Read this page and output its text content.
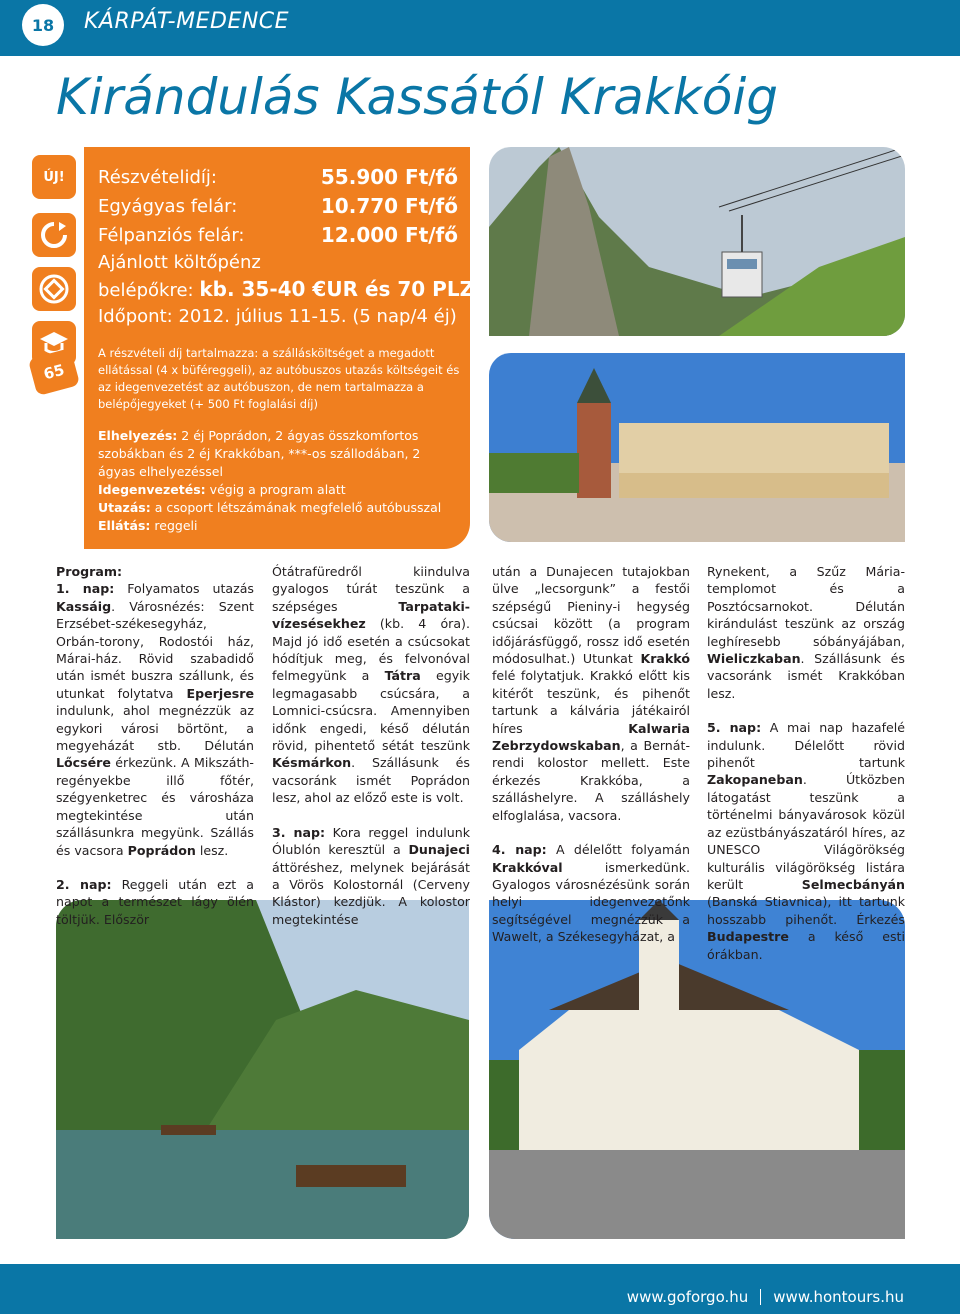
18	KÁRPÁT-MEDENCE
Kirándulás Kassától Krakkóig
ÚJ!
65
Részvételidíj:	55.900 Ft/fő
Egyágyas felár:	10.770 Ft/fő
Félpanziós felár:	12.000 Ft/fő
Ajánlott költőpénz
belépőkre: kb. 35-40 €UR és 70 PLZ
Időpont: 2012. július 11-15. (5 nap/4 éj)
A részvételi díj tartalmazza: a szállásköltséget a megadott ellátással (4 x büféreggeli), az autóbuszos utazás költségeit és az idegenvezetést az autóbuszon, de nem tartalmazza a belépőjegyeket (+ 500 Ft foglalási díj)
Elhelyezés: 2 éj Poprádon, 2 ágyas összkomfortos szobákban és 2 éj Krakkóban, ***-os szállodában, 2 ágyas elhelyezéssel
Idegenvezetés: végig a program alatt
Utazás: a csoport létszámának megfelelő autóbusszal
Ellátás: reggeli
Program:

1. nap: Folyamatos utazás Kassáig. Városnézés: Szent Erzsébet-székesegyház, Orbán-torony, Rodostói ház, Márai-ház. Rövid szabadidő után ismét buszra szállunk, és utunkat folytatva Eperjesre indulunk, ahol megnézzük az egykori városi börtönt, a megyeházát stb. Délután Lőcsére érkezünk. A Mikszáth-regényekbe illő főtér, szégyenketrec és városháza megtekintése után szállásunkra megyünk. Szállás és vacsora Poprádon lesz.

2. nap: Reggeli után ezt a napot a természet lágy ölén töltjük. Először

Ótátrafüredről kiindulva gyalogos túrát teszünk a szépséges	Tarpataki-vízesésekhez (kb. 4 óra). Majd jó idő esetén a csúcsokat hódítjuk meg, és felvonóval felmegyünk a Tátra egyik legmagasabb csúcsára, a Lomnici-csúcsra. Amennyiben időnk engedi, késő délután rövid, pihentető sétát teszünk Késmárkon. Szállásunk és vacsoránk ismét Poprádon lesz, ahol az előző este is volt.

3. nap: Kora reggel indulunk Ólublón keresztül a Dunajeci áttöréshez, melynek bejárását a Vörös Kolostornál (Cerveny Klástor) kezdjük. A kolostor megtekintése

után a Dunajecen tutajokban ülve „lecsorgunk” a festői szépségű Pieniny-i hegység csúcsai között (a program időjárásfüggő, rossz idő esetén módosulhat.) Utunkat Krakkó felé folytatjuk. Krakkó előtt kis kitérőt teszünk, és pihenőt tartunk a kálvária játékairól híres	Kalwaria Zebrzydowskaban, a Bernát-rendi kolostor mellett. Este érkezés Krakkóba, a szálláshelyre. A szálláshely elfoglalása, vacsora.

4. nap: A délelőtt folyamán Krakkóval	ismerkedünk. Gyalogos városnézésünk során helyi idegenvezetőnk segítségével megnézzük a Wawelt, a Székesegyházat, a

Rynekent, a Szűz Mária-templomot és a Posztócsarnokot. Délután kirándulást teszünk az ország leghíresebb sóbányájában, Wieliczkaban. Szállásunk és vacsoránk ismét Krakkóban lesz.

5. nap: A mai nap hazafelé indulunk. Délelőtt rövid pihenőt tartunk Zakopaneban. Útközben látogatást teszünk a történelmi bányavárosok közül az ezüstbányászatáról híres, az UNESCO Világörökség kulturális világörökség listára került	Selmecbányán (Banská Stiavnica), itt tartunk hosszabb pihenőt. Érkezés Budapestre a késő esti órákban.

www.goforgo.hu www.hontours.hu
